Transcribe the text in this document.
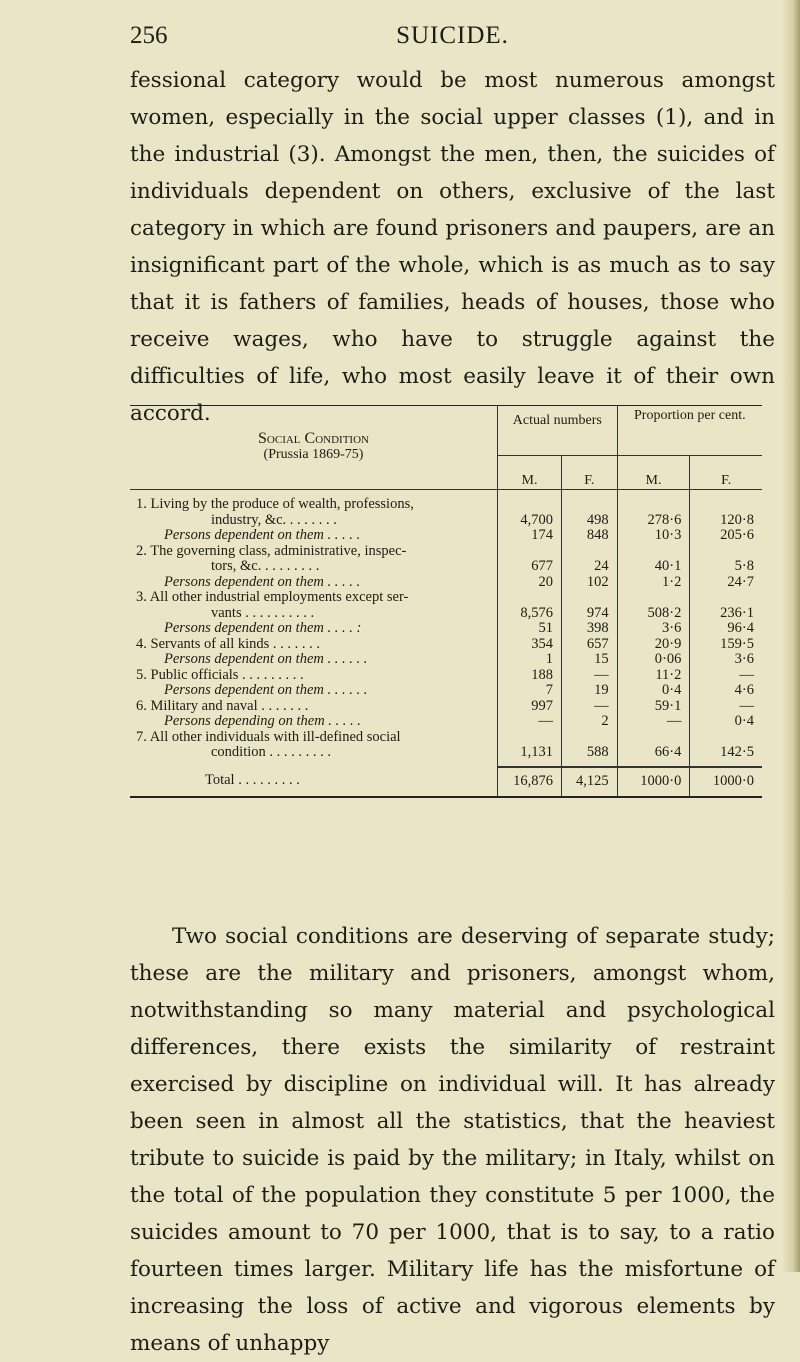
256	SUICIDE.
fessional category would be most numerous amongst women, especially in the social upper classes (1), and in the industrial (3). Amongst the men, then, the suicides of individuals dependent on others, exclusive of the last category in which are found prisoners and paupers, are an insignificant part of the whole, which is as much as to say that it is fathers of families, heads of houses, those who receive wages, who have to struggle against the difficulties of life, who most easily leave it of their own accord.
Social Condition
(Prussia 1869-75)	Actual numbers		Proportion per cent.	
	M.	F.	M.	F.

1. Living by the produce of wealth, professions,
industry, &c. . . . . . . .	4,700	498	278·6	120·8

Persons dependent on them . . . . .	174	848	10·3	205·6

2. The governing class, administrative, inspec-
tors, &c. . . . . . . . .	677	24	40·1	5·8

Persons dependent on them . . . . .	20	102	1·2	24·7

3. All other industrial employments except ser-
vants . . . . . . . . . .	8,576	974	508·2	236·1

Persons dependent on them . . . . :	51	398	3·6	96·4

4. Servants of all kinds . . . . . . .	354	657	20·9	159·5

Persons dependent on them . . . . . .	1	15	0·06	3·6

5. Public officials . . . . . . . . .	188	—	11·2	—

Persons dependent on them . . . . . .	7	19	0·4	4·6

6. Military and naval . . . . . . .	997	—	59·1	—

Persons depending on them . . . . .	—	2	—	0·4

7. All other individuals with ill-defined social
condition . . . . . . . . .	1,131	588	66·4	142·5

Total . . . . . . . . .	16,876	4,125	1000·0	1000·0
Two social conditions are deserving of separate study; these are the military and prisoners, amongst whom, notwithstanding so many material and psychological differences, there exists the similarity of restraint exercised by discipline on individual will. It has already been seen in almost all the statistics, that the heaviest tribute to suicide is paid by the military; in Italy, whilst on the total of the population they constitute 5 per 1000, the suicides amount to 70 per 1000, that is to say, to a ratio fourteen times larger. Military life has the misfortune of increasing the loss of active and vigorous elements by means of unhappy
